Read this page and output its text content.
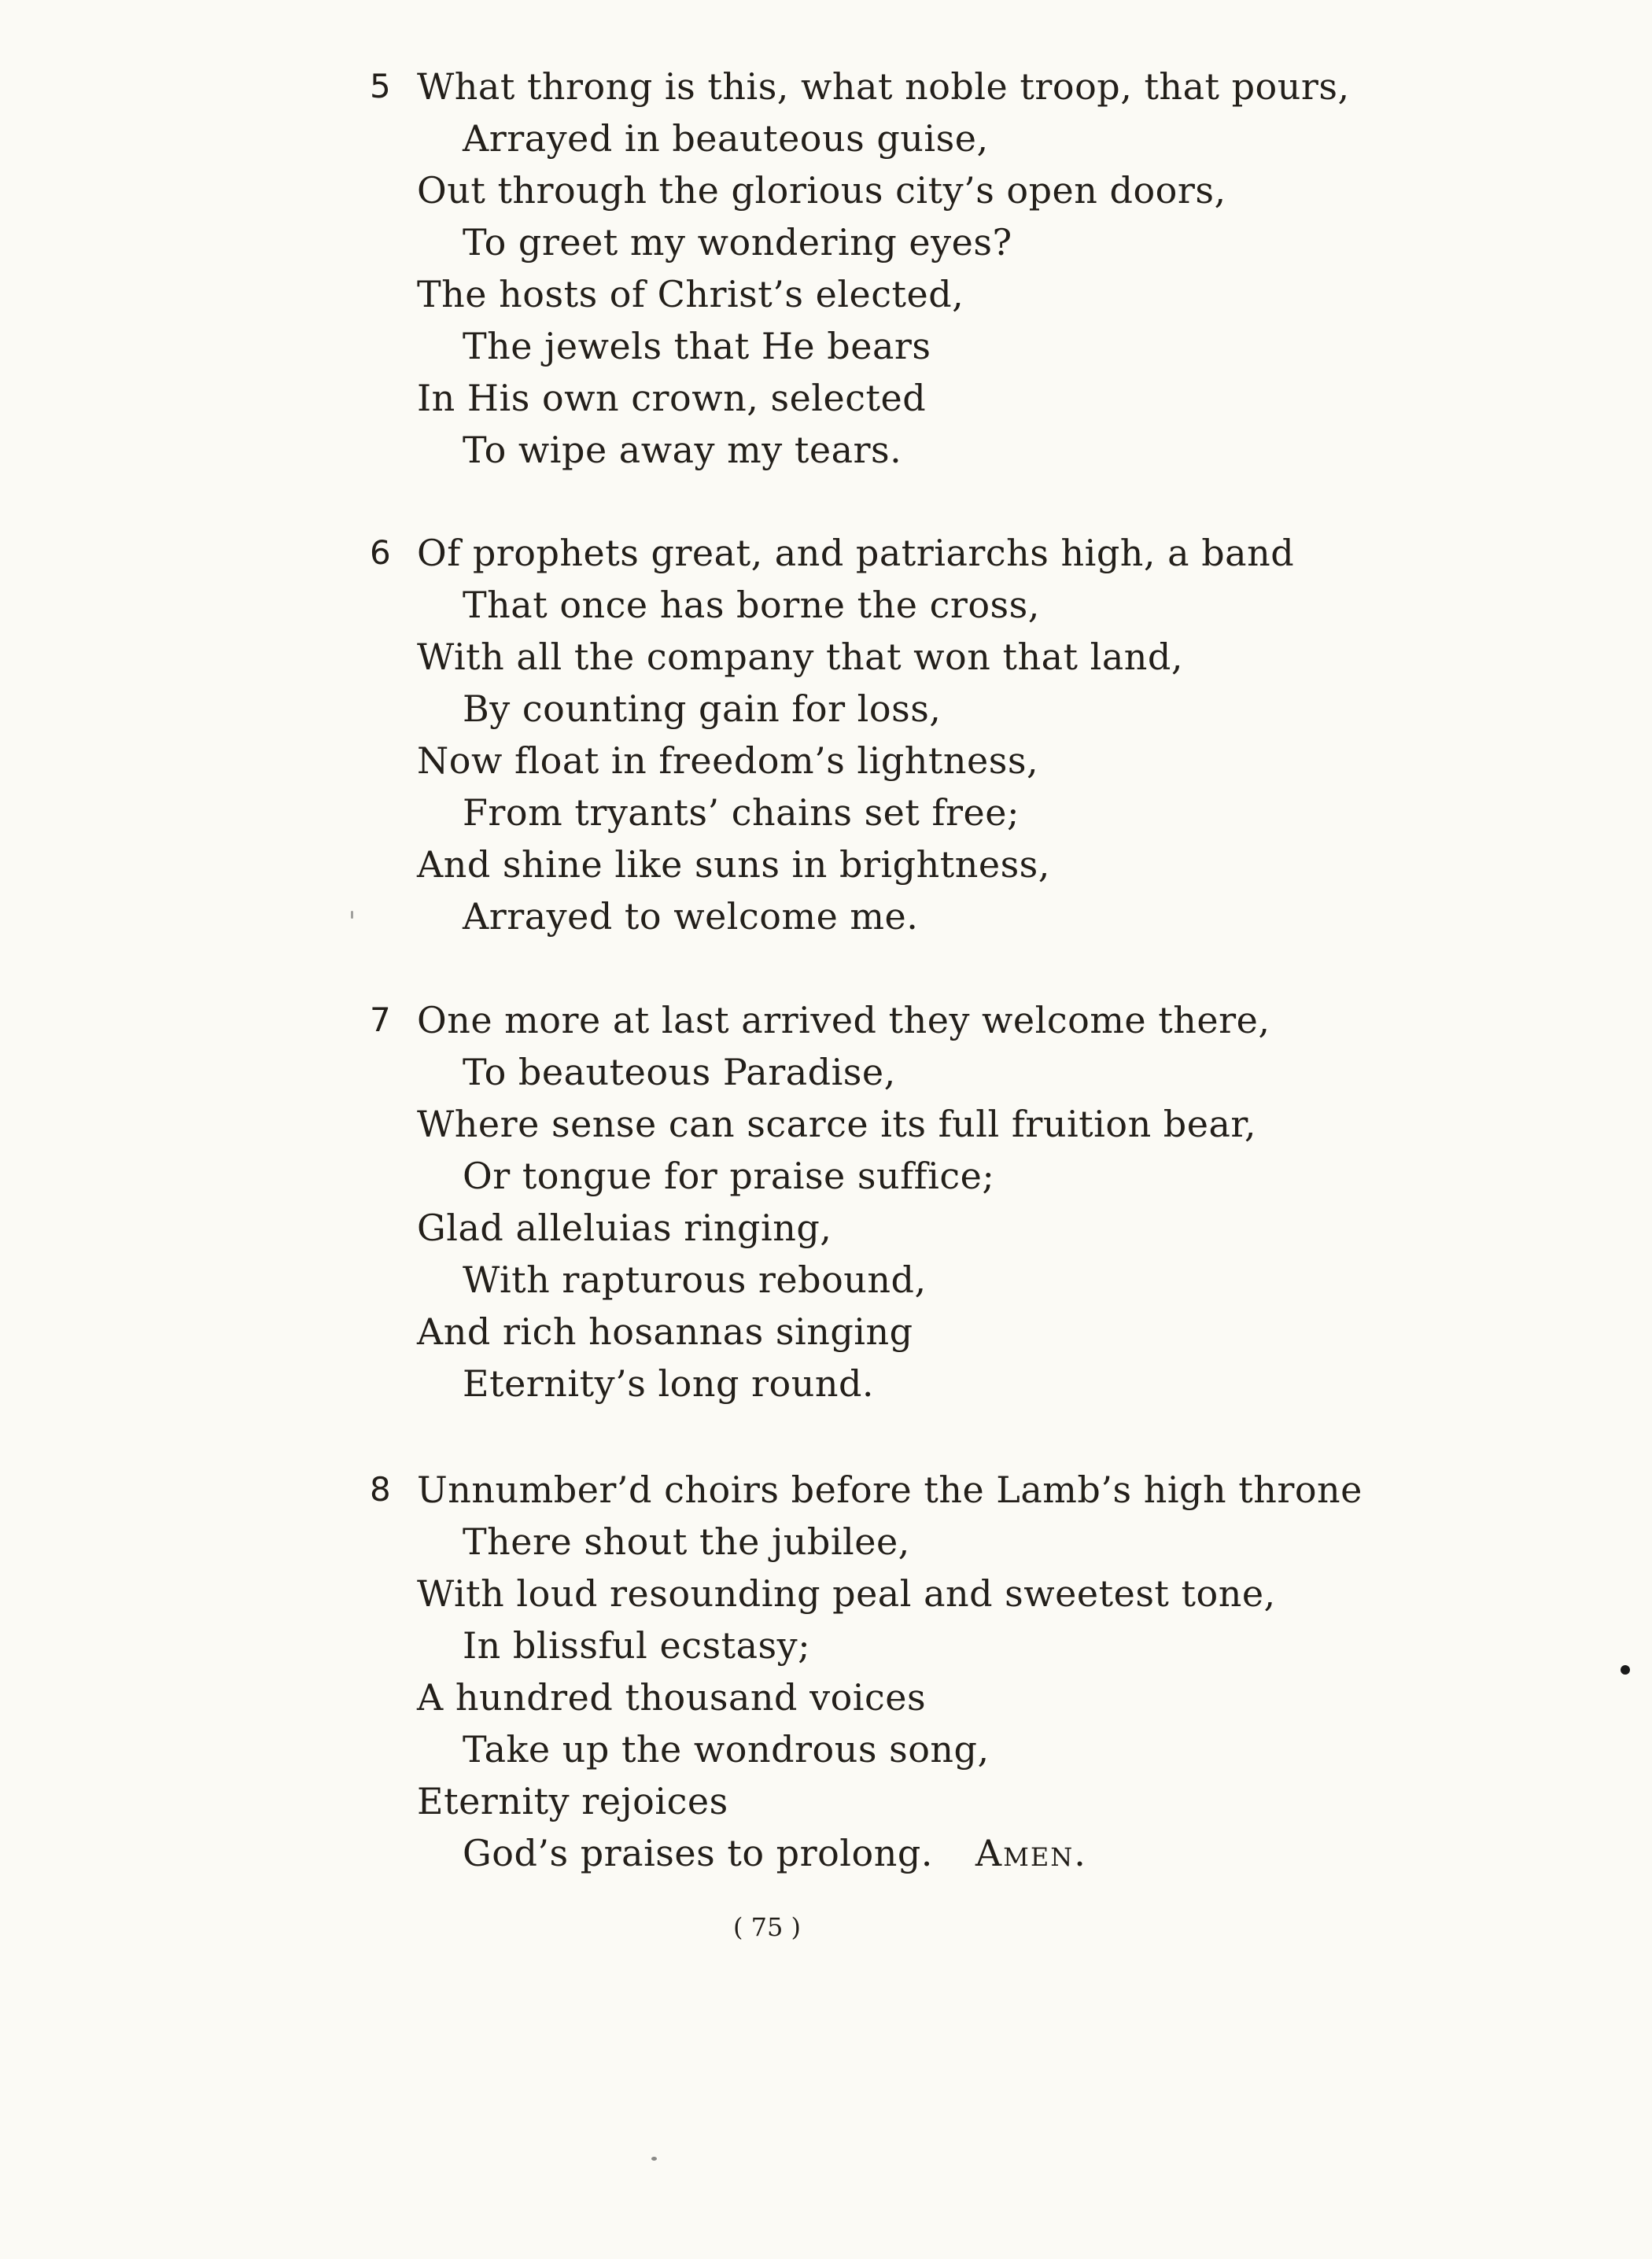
5 What throng is this, what noble troop, that pours,
Arrayed in beauteous guise,
Out through the glorious city’s open doors,
To greet my wondering eyes?
The hosts of Christ’s elected,
The jewels that He bears
In His own crown, selected
To wipe away my tears.
6 Of prophets great, and patriarchs high, a band
That once has borne the cross,
With all the company that won that land,
By counting gain for loss,
Now float in freedom’s lightness,
From tryants’ chains set free;
And shine like suns in brightness,
Arrayed to welcome me.
7 One more at last arrived they welcome there,
To beauteous Paradise,
Where sense can scarce its full fruition bear,
Or tongue for praise suffice;
Glad alleluias ringing,
With rapturous rebound,
And rich hosannas singing
Eternity’s long round.
8 Unnumber’d choirs before the Lamb’s high throne
There shout the jubilee,
With loud resounding peal and sweetest tone,
In blissful ecstasy;
A hundred thousand voices
Take up the wondrous song,
Eternity rejoices
God’s praises to prolong. Amen.
( 75 )
